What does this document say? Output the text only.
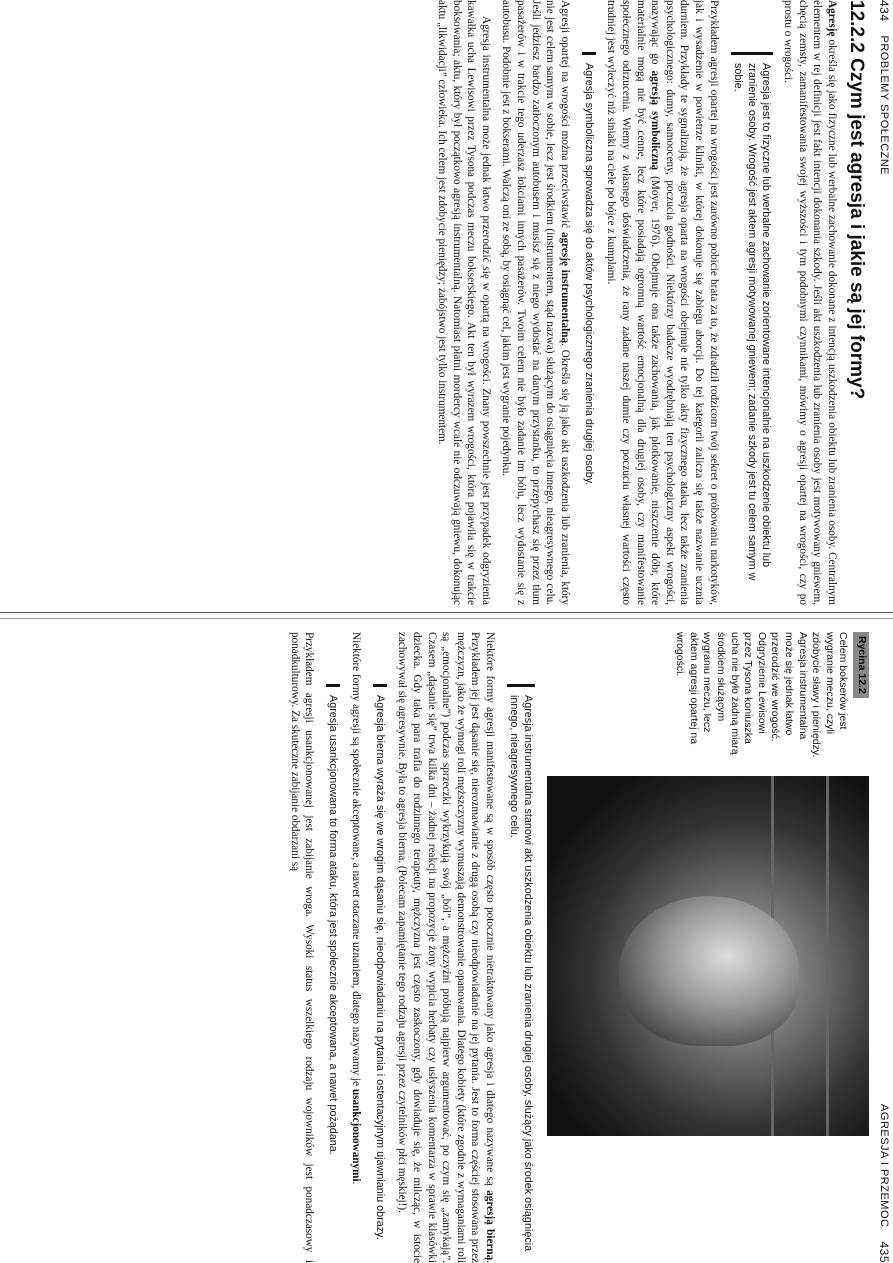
434
PROBLEMY SPOŁECZNE
12.2.2 Czym jest agresja i jakie są jej formy?

Agresję określa się jako fizyczne lub werbalne zachowanie dokonane z intencją uszkodzenia obiektu lub zranienia osoby. Centralnym elementem w tej definicji jest fakt intencji dokonania szkody. Jeśli akt uszkodzenia lub zranienia osoby jest motywowany gniewem, chęcią zemsty, zamanifestowania swojej wyższości i tym podobnymi czynnikami, mówimy o agresji opartej na wrogości, czy po prostu o wrogości.

Agresja jest to fizyczne lub werbalne zachowanie zorientowane intencjonalnie na uszkodzenie obiektu lub zranienie osoby. Wrogość jest aktem agresji motywowanej gniewem; zadanie szkody jest tu celem samym w sobie.

Przykładem agresji opartej na wrogości jest zarówno pobicie brata za to, że zdradził rodzicom twój sekret o próbowaniu narkotyków, jak i wysadzenie w powietrze kliniki, w której dokonuje się zabiegu aborcji. Do tej kategorii zalicza się także nazwanie ucznia durniem. Przykłady te sygnalizują, że agresja oparta na wrogości obejmuje nie tylko akty fizycznego ataku, lecz także zranienia psychologicznego: dumy, samooceny, poczucia godności. Niektórzy badacze wyodrębniają ten psychologiczny aspekt wrogości, nazywając go agresją symboliczną (Moyer, 1976). Obejmuje ona także zachowania, jak plotkowanie, niszczenie dóbr, które materialnie mogą nie być cenne, lecz które posiadają ogromną wartość emocjonalną dla drugiej osoby, czy manifestowanie społecznego odrzucenia. Wiemy z własnego doświadczenia, że rany zadane naszej dumie czy poczuciu własnej wartości często trudniej jest wyleczyć niż siniaki na ciele po bójce z kumplami.

Agresja symboliczna sprowadza się do aktów psychologicznego zranienia drugiej osoby.

Agresji opartej na wrogości można przeciwstawić agresję instrumentalną. Określa się ją jako akt uszkodzenia lub zranienia, który nie jest celem samym w sobie, lecz jest środkiem (instrumentem, stąd nazwa) służącym do osiągnięcia innego, nieagresywnego celu. Jeśli jedziesz bardzo zatłoczonym autobusem i musisz się z niego wydostać na danym przystanku, to przepychasz się przez tłum pasażerów i w trakcie tego uderzasz łokciami innych pasażerów. Twoim celem nie było zadanie im bólu, lecz wydostanie się z autobusu. Podobnie jest z bokserami. Walczą oni ze sobą, by osiągnąć cel, jakim jest wygranie pojedynku.

Agresja instrumentalna może jednak łatwo przerodzić się w opartą na wrogości. Znany powszechnie jest przypadek odgryzienia kawałka ucha Lewisowi przez Tysona podczas meczu bokserskiego. Akt ten był wyrazem wrogości, która pojawiła się w trakcie boksowania; aktu, który był początkowo agresją instrumentalną. Natomiast płatni mordercy wcale nie odczuwają gniewu, dokonując aktu „likwidacji” człowieka. Ich celem jest zdobycie pieniędzy; zabójstwo jest tylko instrumentem.

AGRESJA I PRZEMOC
435
Rycina 12.2
Celem bokserów jest wygranie meczu, czyli zdobycie sławy i pieniędzy. Agresja instrumentalna może się jednak łatwo przerodzić we wrogość. Odgryzienie Lewisowi przez Tysona koniuszka ucha nie było żadną miarą środkiem służącym wygraniu meczu, lecz aktem agresji opartej na wrogości.
Agresja instrumentalna stanowi akt uszkodzenia obiektu lub zranienia drugiej osoby, służący jako środek osiągnięcia innego, nieagresywnego celu.

Niektóre formy agresji manifestowane są w sposób często potocznie nietraktowany jako agresja i dlatego nazywane są agresją bierną. Przykładem jej jest dąsanie się, nierozmawianie z drugą osobą czy nieodpowiadanie na jej pytania. Jest to forma częściej stosowana przez mężczyzn, jako że wymogi roli męższczyzny wymuszają demonstrowanie opanowania. Dlatego kobiety (które zgodnie z wymaganiami roli są „emocjonalne”) podczas sprzeczki wykrzykują swój „ból”, a mężczyźni próbują najpierw argumentować, po czym się „zamykają”. Czasem „dąsanie się” trwa kilka dni – żadnej reakcji na propozycje żony wypicia herbaty czy usłyszenia komentarza w sprawie klasówki dziecka. Gdy taka para trafia do rodzinnego terapeuty, mężczyzna jest często zaskoczony, gdy dowiaduje się, że milcząc, w istocie zachowywał się agresywnie. Była to agresja bierna. (Polecam zapamiętanie tego rodzaju agresji przez czytelników płci męskiej!).

Agresja bierna wyraża się we wrogim dąsaniu się, nieodpowiadaniu na pytania i ostentacyjnym ujawnianiu obrazy.

Niektóre formy agresji są społecznie akceptowane, a nawet otaczane uznaniem, dlatego nazywamy je usankcjonowanymi.

Agresja usankcjonowana to forma ataku, która jest społecznie akceptowana, a nawet pożądana.

Przykładem agresji usankcjonowanej jest zabijanie wroga. Wysoki status wszelkiego rodzaju wojowników jest ponadczasowy i ponadkulturowy. Za skuteczne zabijanie obdarzani są
